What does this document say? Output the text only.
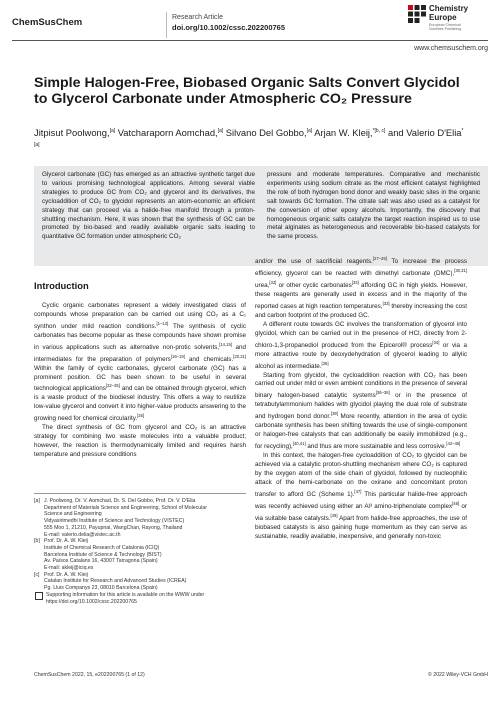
ChemSusChem	Research Article
doi.org/10.1002/cssc.202200765
Chemistry
Europe
European Chemical
Societies Publishing
www.chemsuschem.org
Simple Halogen-Free, Biobased Organic Salts Convert Glycidol to Glycerol Carbonate under Atmospheric CO₂ Pressure
Jitpisut Poolwong,[a] Vatcharaporn Aomchad,[a] Silvano Del Gobbo,[a] Arjan W. Kleij,$^{*[b, c]}$ and Valerio D'Elia$^{*[a]}$
Glycerol carbonate (GC) has emerged as an attractive synthetic target due to various promising technological applications. Among several viable strategies to produce GC from CO₂ and glycerol and its derivatives, the cycloaddition of CO₂ to glycidol represents an atom-economic an efficient strategy that can proceed via a halide-free manifold through a proton-shuttling mechanism. Here, it was shown that the synthesis of GC can be promoted by bio-based and readily available organic salts leading to quantitative GC formation under atmospheric CO₂
pressure and moderate temperatures. Comparative and mechanistic experiments using sodium citrate as the most efficient catalyst highlighted the role of both hydrogen bond donor and weakly basic sites in the organic salt towards GC formation. The citrate salt was also used as a catalyst for the conversion of other epoxy alcohols. Importantly, the discovery that homogeneous organic salts catalyze the target reaction inspired us to use metal alginates as heterogeneous and recoverable bio-based catalysts for the same process.
Introduction

Cyclic organic carbonates represent a widely investigated class of compounds whose preparation can be carried out using CO₂ as a C₁ synthon under mild reaction conditions.[1–13] The synthesis of cyclic carbonates has become popular as these compounds have shown promise in various applications such as alternative non-protic solvents,[14,15] and intermediates for the preparation of polymers[16–19] and chemicals.[20,21] Within the family of cyclic carbonates, glycerol carbonate (GC) has a prominent position. GC has been shown to be useful in several technological applications[22–25] and can be obtained through glycerol, which is a waste product of the biodiesel industry. This offers a way to reutilize low-value glycerol and convert it into higher-value products answering to the growing need for chemical circularity.[26]

The direct synthesis of GC from glycerol and CO₂ is an attractive strategy for combining two waste molecules into a valuable product; however, the reaction is thermodynamically limited and requires harsh temperature and pressure conditions

and/or the use of sacrificial reagents.[27–29] To increase the process efficiency, glycerol can be reacted with dimethyl carbonate (DMC),[30,31] urea,[32] or other cyclic carbonates[33] affording GC in high yields. However, these reagents are generally used in excess and in the majority of the reported cases at high reaction temperatures,[33] thereby increasing the cost and carbon footprint of the produced GC.

A different route towards GC involves the transformation of glycerol into glycidol, which can be carried out in the presence of HCl, directly from 2-chloro-1,3-propanediol produced from the Epicerol® process[34] or via a more attractive route by deoxydehydration of glycerol leading to allylic alcohol as intermediate.[35]

Starting from glycidol, the cycloaddition reaction with CO₂ has been carried out under mild or even ambient conditions in the presence of several binary halogen-based catalytic systems[36–38] or in the presence of tetrabutylammonium halides with glycidol playing the dual role of substrate and hydrogen bond donor.[39] More recently, attention in the area of cyclic carbonate synthesis has been shifting towards the use of single-component or halogen-free catalysts that can additionally be easily immobilized (e.g., for recycling),[40,41] and thus are more sustainable and less corrosive.[42–46]

In this context, the halogen-free cycloaddition of CO₂ to glycidol can be achieved via a catalytic proton-shuttling mechanism where CO₂ is captured by the oxygen atom of the side chain of glycidol, followed by nucleophilic attack of the hemi-carbonate on the oxirane and concomitant proton transfer to afford GC (Scheme 1).[47] This particular halide-free approach was recently achieved using either an Al³ amino-triphenolate complex[48] or via suitable base catalysts.[49] Apart from halide-free approaches, the use of biobased catalysts is also gaining huge momentum as they can serve as sustainable, readily available, inexpensive, and generally non-toxic

[a] J. Poolwong, Dr. V. Aomchad, Dr. S. Del Gobbo, Prof. Dr. V. D'Elia
Department of Materials Science and Engineering, School of Molecular
Science and Engineering
Vidyasirimedhi Institute of Science and Technology (VISTEC)
555 Moo 1, 21210, Payupnai, WangChan, Rayong, Thailand
E-mail: valerio.delia@vistec.ac.th
[b] Prof. Dr. A. W. Kleij
Institute of Chemical Research of Catalonia (ICIQ)
Barcelona Institute of Science & Technology (BIST)
Av. Països Catalans 16, 43007 Tarragona (Spain)
E-mail: akleij@iciq.es
[c] Prof. Dr. A. W. Kleij
Catalan Institute for Research and Advanced Studies (ICREA)
Pg. Lluis Companys 23, 08010 Barcelona (Spain)
Supporting information for this article is available on the WWW under
https://doi.org/10.1002/cssc.202200765
ChemSusChem 2022, 15, e202200765 (1 of 12)	© 2022 Wiley-VCH GmbH
